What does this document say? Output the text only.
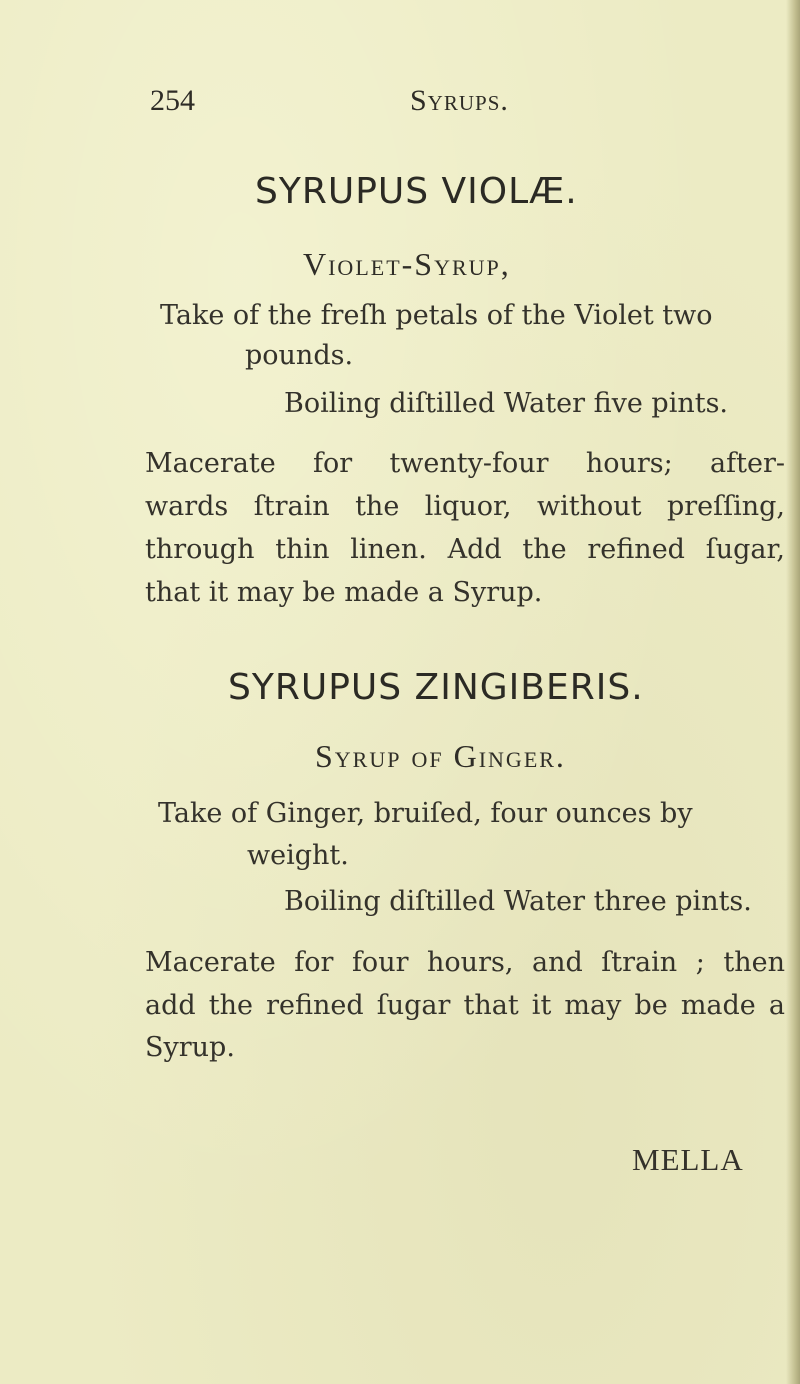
254	Syrups.
SYRUPUS VIOLÆ.
Violet-Syrup,
Take of the freſh petals of the Violet two
pounds.
Boiling diſtilled Water five pints.
Macerate for twenty-four hours; after-
wards ſtrain the liquor, without preſſing,
through thin linen. Add the refined ſugar,
that it may be made a Syrup.
SYRUPUS ZINGIBERIS.
Syrup of Ginger.
Take of Ginger, bruiſed, four ounces by
weight.
Boiling diſtilled Water three pints.
Macerate for four hours, and ſtrain ; then
add the refined ſugar that it may be made a
Syrup.
MELLA
